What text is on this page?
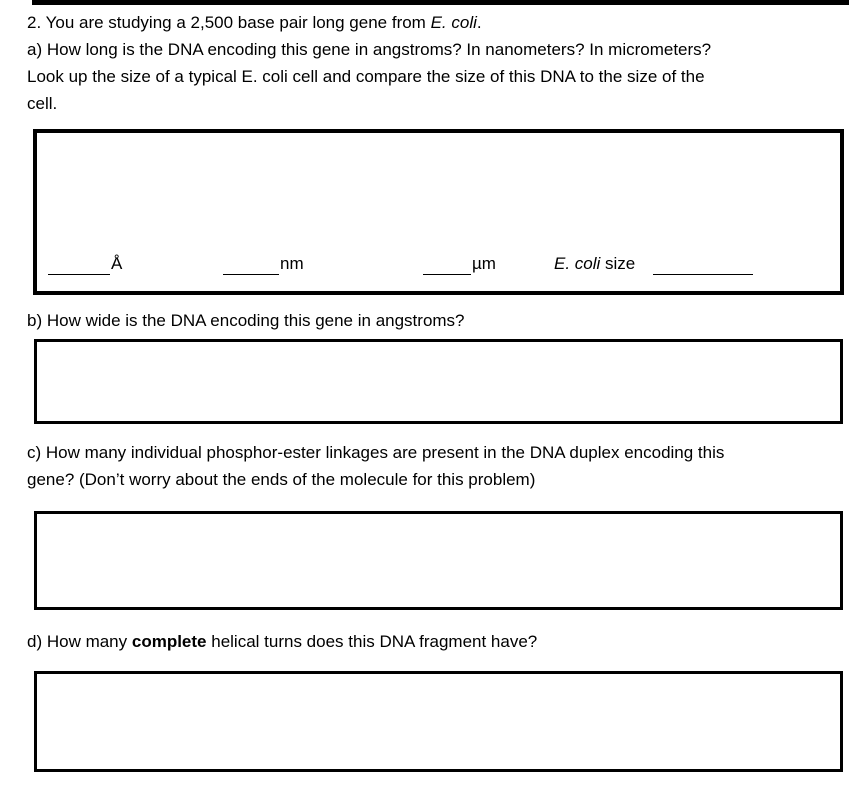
2. You are studying a 2,500 base pair long gene from E. coli.
a) How long is the DNA encoding this gene in angstroms? In nanometers? In micrometers?
Look up the size of a typical E. coli cell and compare the size of this DNA to the size of the
cell.
Å	nm	µm	E. coli size
b) How wide is the DNA encoding this gene in angstroms?
c) How many individual phosphor-ester linkages are present in the DNA duplex encoding this
gene? (Don’t worry about the ends of the molecule for this problem)
d) How many complete helical turns does this DNA fragment have?
